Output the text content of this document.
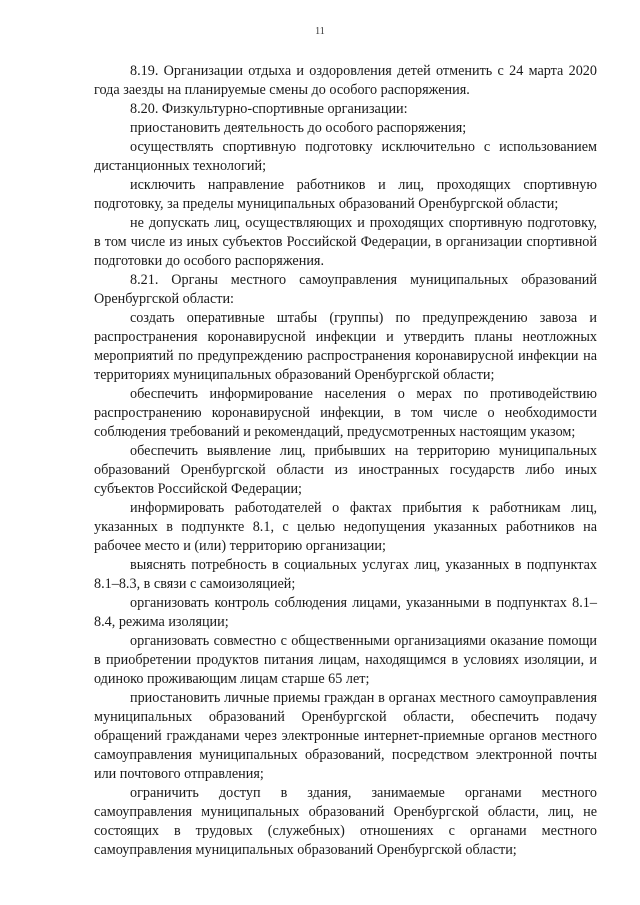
11

8.19. Организации отдыха и оздоровления детей отменить с 24 марта 2020 года заезды на планируемые смены до особого распоряжения.

8.20. Физкультурно-спортивные организации:

приостановить деятельность до особого распоряжения;

осуществлять спортивную подготовку исключительно с использованием дистанционных технологий;

исключить направление работников и лиц, проходящих спортивную подготовку, за пределы муниципальных образований Оренбургской области;

не допускать лиц, осуществляющих и проходящих спортивную подготовку, в том числе из иных субъектов Российской Федерации, в организации спортивной подготовки до особого распоряжения.

8.21. Органы местного самоуправления муниципальных образований Оренбургской области:

создать оперативные штабы (группы) по предупреждению завоза и распространения коронавирусной инфекции и утвердить планы неотложных мероприятий по предупреждению распространения коронавирусной инфекции на территориях муниципальных образований Оренбургской области;

обеспечить информирование населения о мерах по противодействию распространению коронавирусной инфекции, в том числе о необходимости соблюдения требований и рекомендаций, предусмотренных настоящим указом;

обеспечить выявление лиц, прибывших на территорию муниципальных образований Оренбургской области из иностранных государств либо иных субъектов Российской Федерации;

информировать работодателей о фактах прибытия к работникам лиц, указанных в подпункте 8.1, с целью недопущения указанных работников на рабочее место и (или) территорию организации;

выяснять потребность в социальных услугах лиц, указанных в подпунктах 8.1–8.3, в связи с самоизоляцией;

организовать контроль соблюдения лицами, указанными в подпунктах 8.1–8.4, режима изоляции;

организовать совместно с общественными организациями оказание помощи в приобретении продуктов питания лицам, находящимся в условиях изоляции, и одиноко проживающим лицам старше 65 лет;

приостановить личные приемы граждан в органах местного самоуправления муниципальных образований Оренбургской области, обеспечить подачу обращений гражданами через электронные интернет-приемные органов местного самоуправления муниципальных образований, посредством электронной почты или почтового отправления;

ограничить доступ в здания, занимаемые органами местного самоуправления муниципальных образований Оренбургской области, лиц, не состоящих в трудовых (служебных) отношениях с органами местного самоуправления муниципальных образований Оренбургской области;
